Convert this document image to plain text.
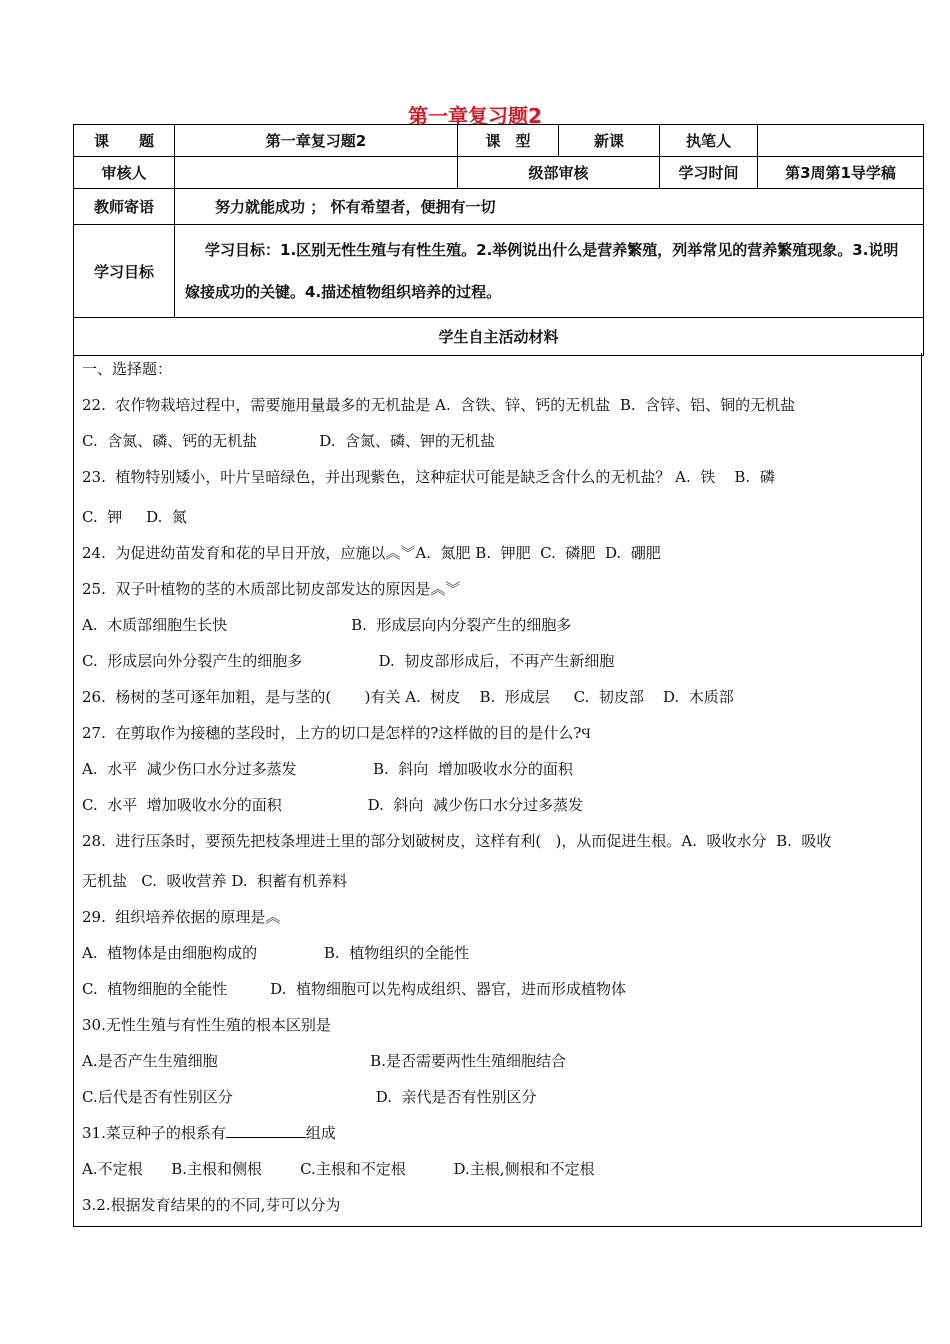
第一章复习题2
课　　题	第一章复习题2	课　型	新课	执笔人	
审核人		级部审核		学习时间	第3周第1导学稿
教师寄语	努力就能成功 ； 怀有希望者，便拥有一切				
学习目标	学习目标：1.区别无性生殖与有性生殖。2.举例说出什么是营养繁殖，列举常见的营养繁殖现象。3.说明嫁接成功的关键。4.描述植物组织培养的过程。				
学生自主活动材料					
一、选择题：
22.  农作物栽培过程中，需要施用量最多的无机盐是 A.  含铁、锌、钙的无机盐  B.  含锌、铝、铜的无机盐
C.  含氮、磷、钙的无机盐             D.  含氮、磷、钾的无机盐
23.  植物特别矮小，叶片呈暗绿色，并出现紫色，这种症状可能是缺乏含什么的无机盐？ A.  铁    B.  磷
C.  钾     D.  氮
24.  为促进幼苗发育和花的早日开放，应施以︽︾A.  氮肥 B.  钾肥  C.  磷肥  D.  硼肥
25.  双子叶植物的茎的木质部比韧皮部发达的原因是︽︾
A.  木质部细胞生长快                          B.  形成层向内分裂产生的细胞多
C.  形成层向外分裂产生的细胞多                D.  韧皮部形成后，不再产生新细胞
26.  杨树的茎可逐年加粗，是与茎的(       )有关 A.  树皮    B.  形成层     C.  韧皮部    D.  木质部
27.  在剪取作为接穗的茎段时，上方的切口是怎样的?这样做的目的是什么?Ϥ
A.  水平  减少伤口水分过多蒸发                B.  斜向  增加吸收水分的面积
C.  水平  增加吸收水分的面积                  D.  斜向  减少伤口水分过多蒸发
28.  进行压条时，要预先把枝条埋进土里的部分划破树皮，这样有利(   )，从而促进生根。A.  吸收水分  B.  吸收
无机盐   C.  吸收营养 D.  积蓄有机养料
29.  组织培养依据的原理是︽
A.  植物体是由细胞构成的              B.  植物组织的全能性
C.  植物细胞的全能性         D.  植物细胞可以先构成组织、器官，进而形成植物体
30.无性生殖与有性生殖的根本区别是
A.是否产生生殖细胞                                B.是否需要两性生殖细胞结合
C.后代是否有性别区分                              D.  亲代是否有性别区分
31.菜豆种子的根系有	组成
A.不定根      B.主根和侧根        C.主根和不定根          D.主根,侧根和不定根
3.2.根据发育结果的的不同,芽可以分为
